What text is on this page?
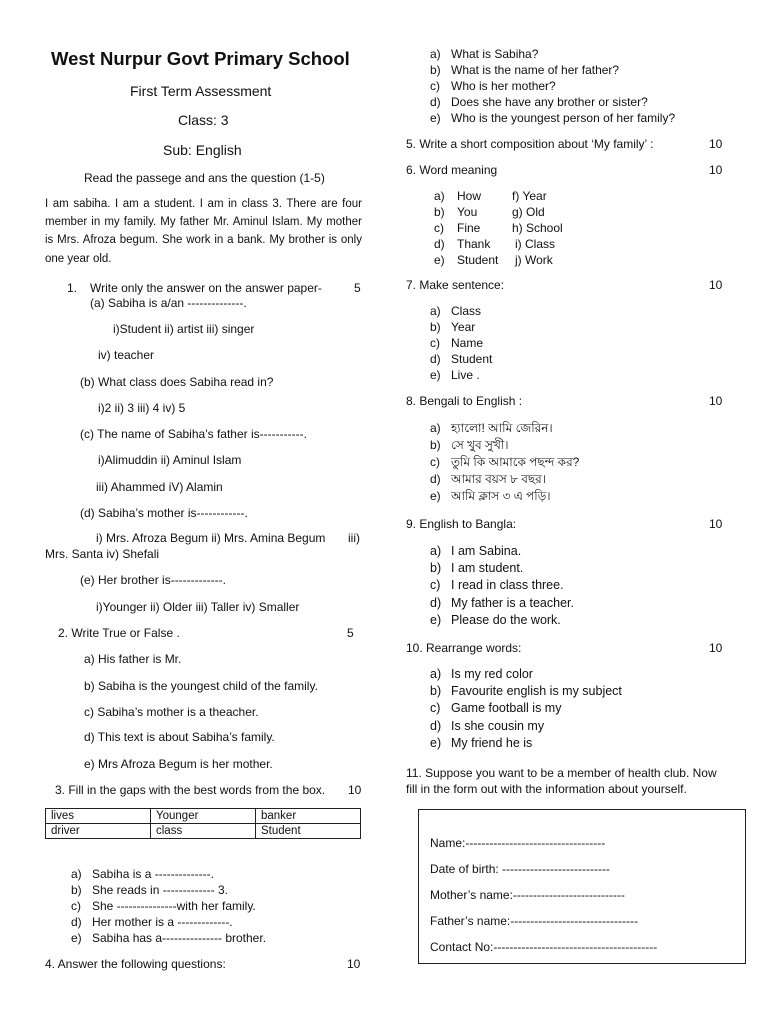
West Nurpur Govt Primary School
First Term Assessment
Class: 3
Sub: English
Read the passege and ans the question (1-5)
I am sabiha. I am a student. I am in class 3. There are four member in my family. My father Mr. Aminul Islam. My mother is Mrs. Afroza begum. She work in a bank. My brother is only one year old.
1. Write only the answer on the answer paper-	5
(a) Sabiha is a/an --------------.
i)Student ii) artist iii) singer
iv) teacher
(b) What class does Sabiha read in?
i)2 ii) 3 iii) 4 iv) 5
(c) The name of Sabiha’s father is-----------.
i)Alimuddin ii) Aminul Islam
iii) Ahammed iV) Alamin
(d) Sabiha’s mother is------------.
i) Mrs. Afroza Begum ii) Mrs. Amina Begum iii)
Mrs. Santa iv) Shefali
(e) Her brother is-------------.
i)Younger ii) Older iii) Taller iv) Smaller
2. Write True or False .	5
a) His father is Mr.
b) Sabiha is the youngest child of the family.
c) Sabiha’s mother is a theacher.
d) This text is about Sabiha’s family.
e) Mrs Afroza Begum is her mother.
3. Fill in the gaps with the best words from the box. 10
lives	Younger	banker
driver	class	Student
a) Sabiha is a --------------.
b) She reads in ------------- 3.
c) She ---------------with her family.
d) Her mother is a -------------.
e) Sabiha has a--------------- brother.
4. Answer the following questions:	10
a) What is Sabiha?
b) What is the name of her father?
c) Who is her mother?
d) Does she have any brother or sister?
e) Who is the youngest person of her family?
5. Write a short composition about ‘My family’ :	10
6. Word meaning	10
a) How	f) Year
b) You	g) Old
c) Fine	h) School
d) Thank i) Class
e) Student j) Work
7. Make sentence:	10
a) Class
b) Year
c) Name
d) Student
e) Live .
8. Bengali to English :	10
a) হ্যালো! আমি জেরিন।
b) সে খুব সুখী।
c) তুমি কি আমাকে পছন্দ কর?
d) আমার বয়স ৮ বছর।
e) আমি ক্লাস ৩ এ পড়ি।
9. English to Bangla:	10
a) I am Sabina.
b) I am student.
c) I read in class three.
d) My father is a teacher.
e) Please do the work.
10. Rearrange words:	10
a) Is my red color
b) Favourite english is my subject
c) Game football is my
d) Is she cousin my
e) My friend he is
11. Suppose you want to be a member of health club. Now
fill in the form out with the information about yourself.
Name:-----------------------------------
Date of birth: ---------------------------
Mother’s name:----------------------------
Father’s name:--------------------------------
Contact No:-----------------------------------------
